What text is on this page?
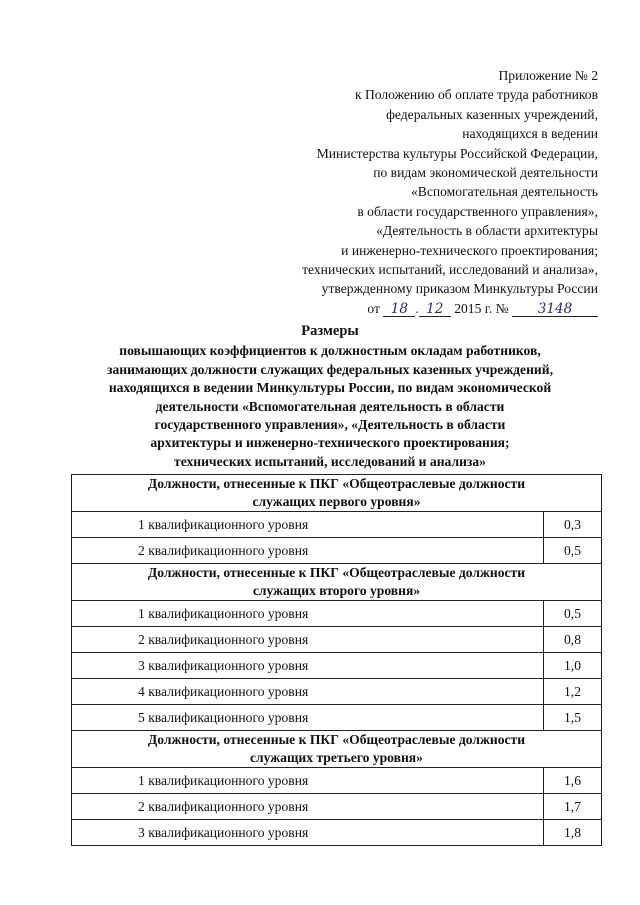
Приложение № 2
к Положению об оплате труда работников
федеральных казенных учреждений,
находящихся в ведении
Министерства культуры Российской Федерации,
по видам экономической деятельности
«Вспомогательная деятельность
в области государственного управления»,
«Деятельность в области архитектуры
и инженерно-технического проектирования;
технических испытаний, исследований и анализа»,
утвержденному приказом Минкультуры России
от 18 . 12 2015 г. № 3148
Размеры
повышающих коэффициентов к должностным окладам работников,
занимающих должности служащих федеральных казенных учреждений,
находящихся в ведении Минкультуры России, по видам экономической
деятельности «Вспомогательная деятельность в области
государственного управления», «Деятельность в области
архитектуры и инженерно-технического проектирования;
технических испытаний, исследований и анализа»
Должности, отнесенные к ПКГ «Общеотраслевые должности
служащих первого уровня»	

1 квалификационного уровня	0,3
2 квалификационного уровня	0,5

Должности, отнесенные к ПКГ «Общеотраслевые должности
служащих второго уровня»	

1 квалификационного уровня	0,5
2 квалификационного уровня	0,8
3 квалификационного уровня	1,0
4 квалификационного уровня	1,2
5 квалификационного уровня	1,5

Должности, отнесенные к ПКГ «Общеотраслевые должности
служащих третьего уровня»	

1 квалификационного уровня	1,6
2 квалификационного уровня	1,7
3 квалификационного уровня	1,8
